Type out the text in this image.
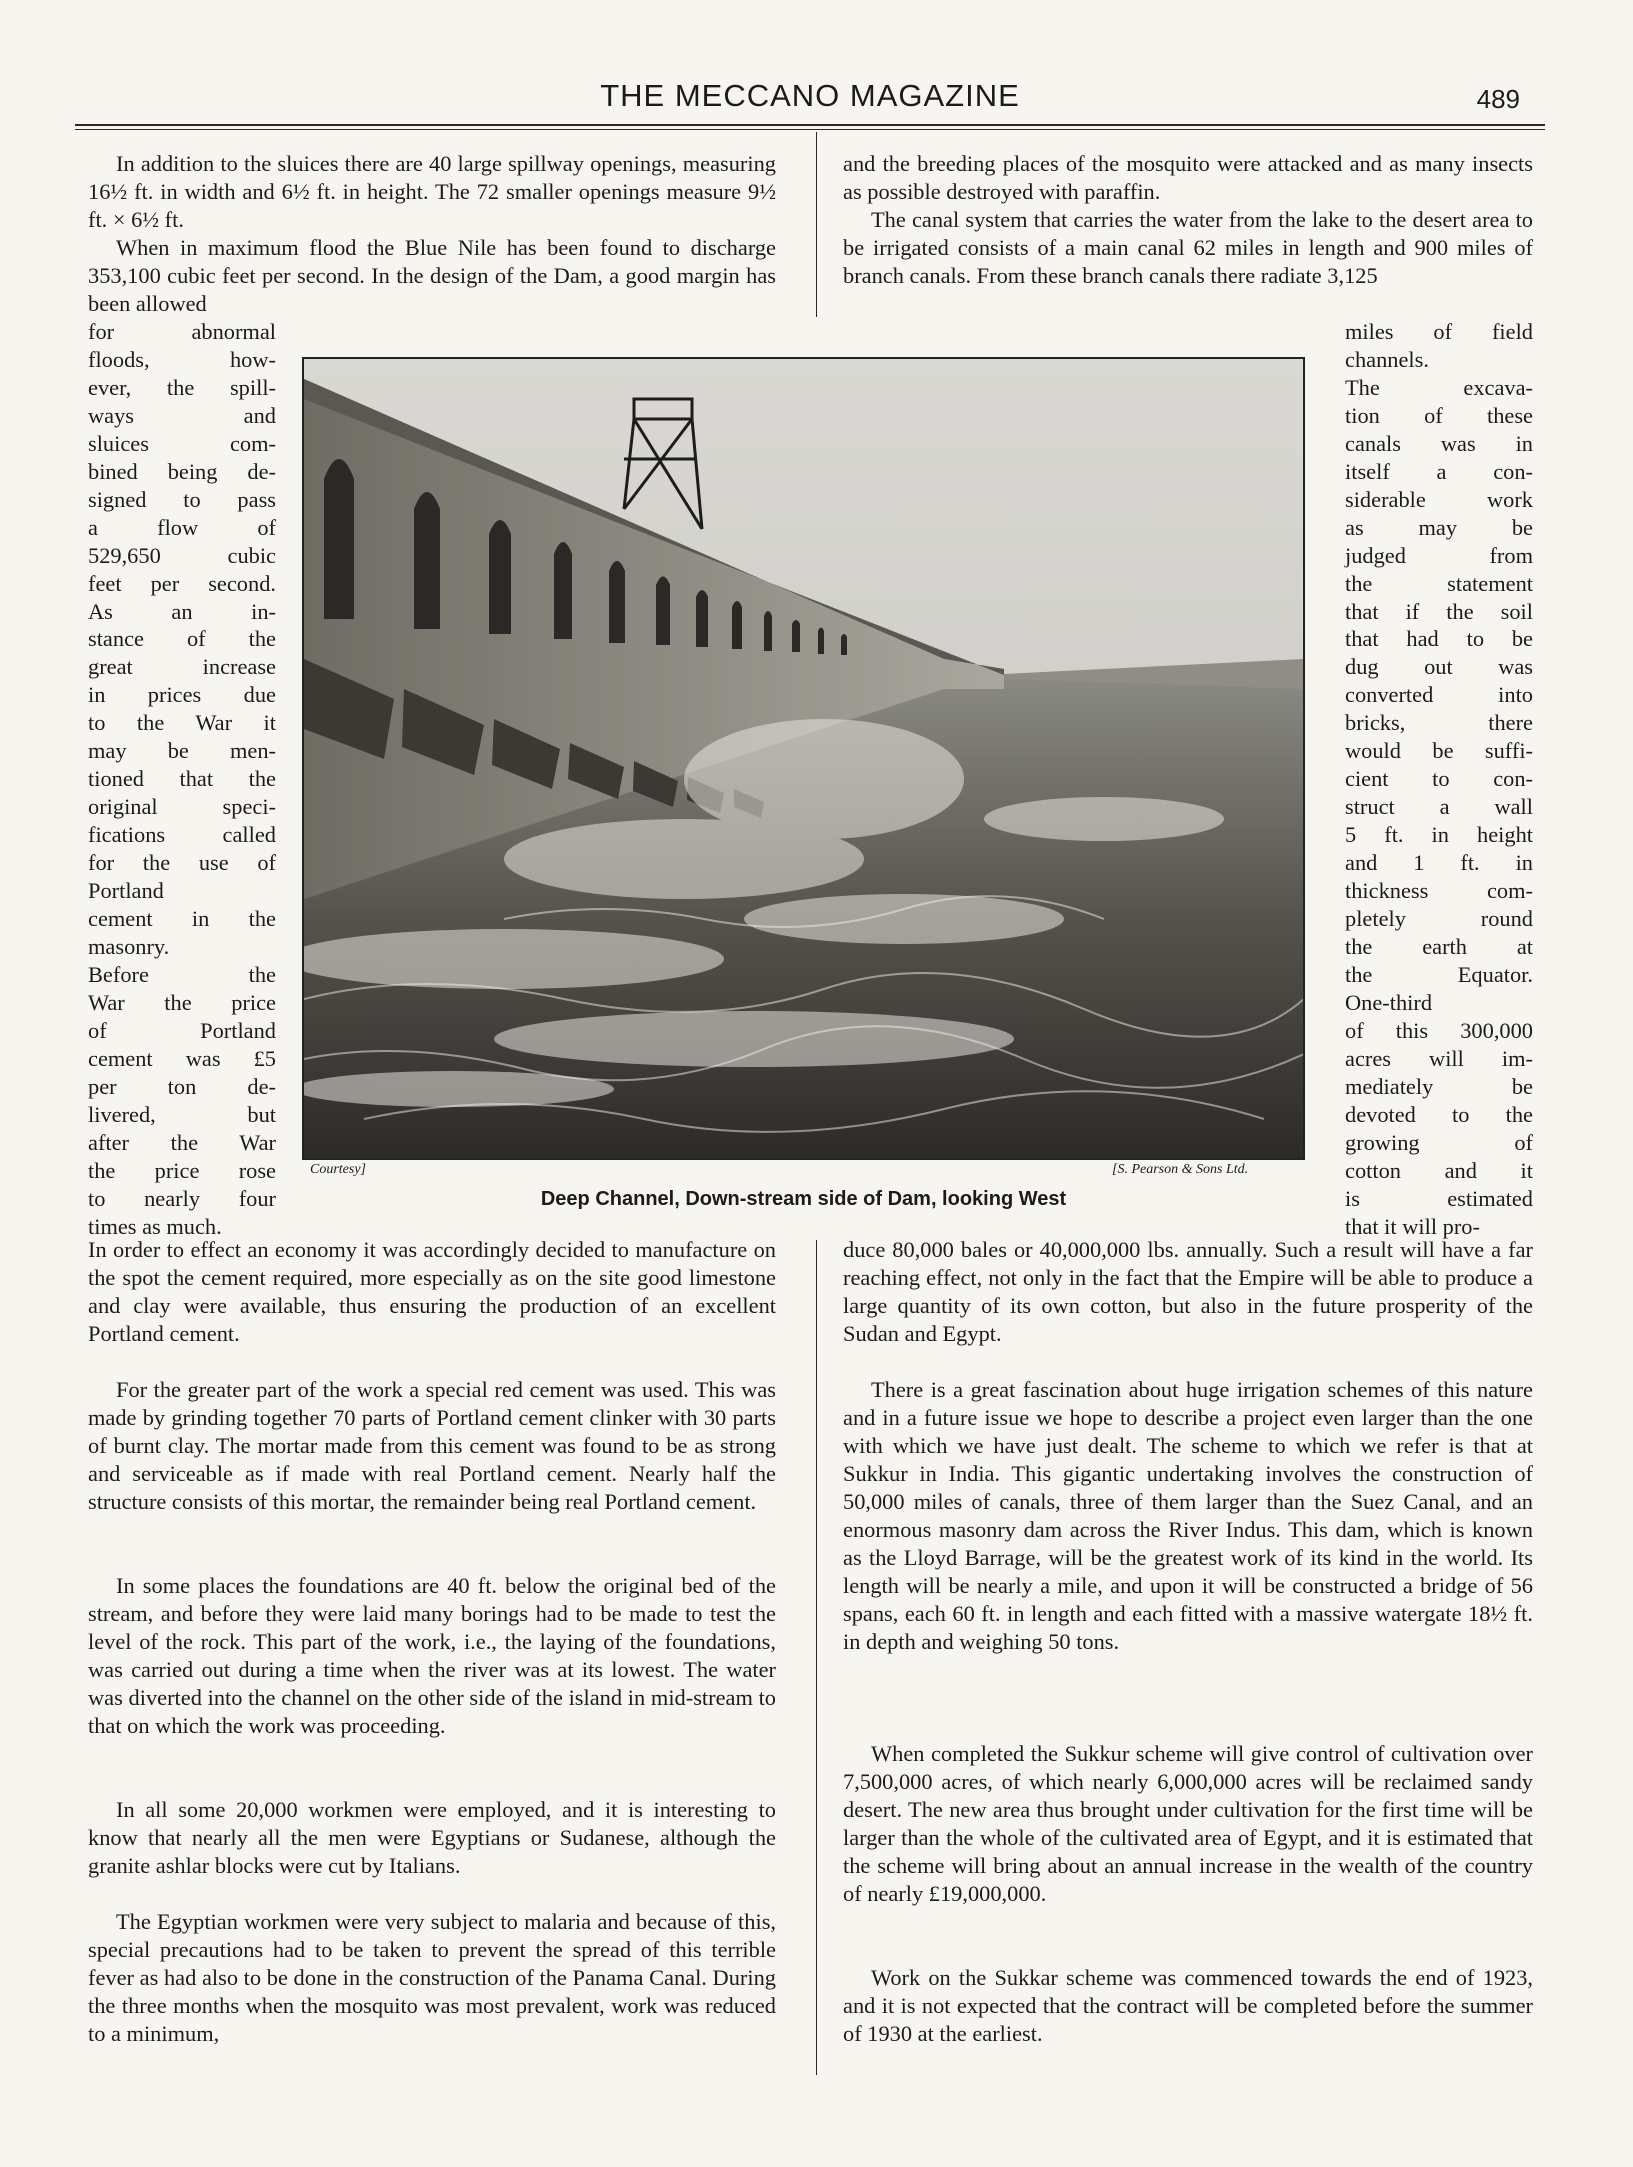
THE MECCANO MAGAZINE	489

In addition to the sluices there are 40 large spillway openings, measuring 16½ ft. in width and 6½ ft. in height. The 72 smaller openings measure 9½ ft. × 6½ ft.

When in maximum flood the Blue Nile has been found to discharge 353,100 cubic feet per second. In the design of the Dam, a good margin has been allowed

for abnormal
floods, how-
ever, the spill-
ways and
sluices com-
bined being de-
signed to pass
a flow of
529,650 cubic
feet per second.
As an in-
stance of the
great increase
in prices due
to the War it
may be men-
tioned that the
original speci-
fications called
for the use of
Portland
cement in the
masonry.
Before the
War the price
of Portland
cement was £5
per ton de-
livered, but
after the War
the price rose
to nearly four
times as much.

In order to effect an economy it was accordingly decided to manufacture on the spot the cement required, more especially as on the site good limestone and clay were available, thus ensuring the production of an excellent Portland cement.

For the greater part of the work a special red cement was used. This was made by grinding together 70 parts of Portland cement clinker with 30 parts of burnt clay. The mortar made from this cement was found to be as strong and serviceable as if made with real Portland cement. Nearly half the structure consists of this mortar, the remainder being real Portland cement.

In some places the foundations are 40 ft. below the original bed of the stream, and before they were laid many borings had to be made to test the level of the rock. This part of the work, i.e., the laying of the foundations, was carried out during a time when the river was at its lowest. The water was diverted into the channel on the other side of the island in mid-stream to that on which the work was proceeding.

In all some 20,000 workmen were employed, and it is interesting to know that nearly all the men were Egyptians or Sudanese, although the granite ashlar blocks were cut by Italians.

The Egyptian workmen were very subject to malaria and because of this, special precautions had to be taken to prevent the spread of this terrible fever as had also to be done in the construction of the Panama Canal. During the three months when the mosquito was most prevalent, work was reduced to a minimum,

and the breeding places of the mosquito were attacked and as many insects as possible destroyed with paraffin.

The canal system that carries the water from the lake to the desert area to be irrigated consists of a main canal 62 miles in length and 900 miles of branch canals. From these branch canals there radiate 3,125

miles of field
channels.
The excava-
tion of these
canals was in
itself a con-
siderable work
as may be
judged from
the statement
that if the soil
that had to be
dug out was
converted into
bricks, there
would be suffi-
cient to con-
struct a wall
5 ft. in height
and 1 ft. in
thickness com-
pletely round
the earth at
the Equator.
One-third
of this 300,000
acres will im-
mediately be
devoted to the
growing of
cotton and it
is estimated
that it will pro-

duce 80,000 bales or 40,000,000 lbs. annually. Such a result will have a far reaching effect, not only in the fact that the Empire will be able to produce a large quantity of its own cotton, but also in the future prosperity of the Sudan and Egypt.

There is a great fascination about huge irrigation schemes of this nature and in a future issue we hope to describe a project even larger than the one with which we have just dealt. The scheme to which we refer is that at Sukkur in India. This gigantic undertaking involves the construction of 50,000 miles of canals, three of them larger than the Suez Canal, and an enormous masonry dam across the River Indus. This dam, which is known as the Lloyd Barrage, will be the greatest work of its kind in the world. Its length will be nearly a mile, and upon it will be constructed a bridge of 56 spans, each 60 ft. in length and each fitted with a massive watergate 18½ ft. in depth and weighing 50 tons.

When completed the Sukkur scheme will give control of cultivation over 7,500,000 acres, of which nearly 6,000,000 acres will be reclaimed sandy desert. The new area thus brought under cultivation for the first time will be larger than the whole of the cultivated area of Egypt, and it is estimated that the scheme will bring about an annual increase in the wealth of the country of nearly £19,000,000.

Work on the Sukkar scheme was commenced towards the end of 1923, and it is not expected that the contract will be completed before the summer of 1930 at the earliest.

Courtesy]	[S. Pearson & Sons Ltd.
Deep Channel, Down-stream side of Dam, looking West
